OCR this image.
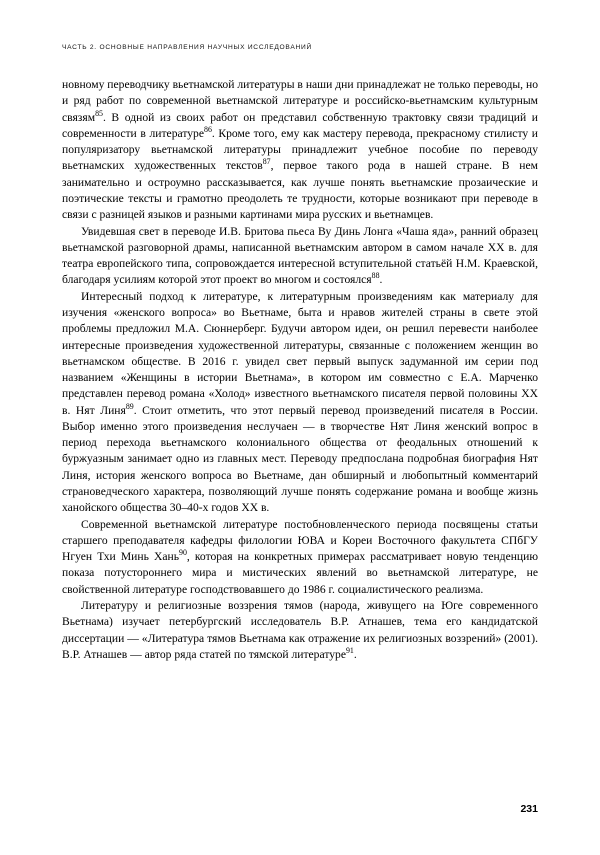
ЧАСТЬ 2. ОСНОВНЫЕ НАПРАВЛЕНИЯ НАУЧНЫХ ИССЛЕДОВАНИЙ

новному переводчику вьетнамской литературы в наши дни принадлежат не только переводы, но и ряд работ по современной вьетнамской литературе и российско-вьетнамским культурным связям$^{85}$. В одной из своих работ он представил собственную трактовку связи традиций и современности в литературе$^{86}$. Кроме того, ему как мастеру перевода, прекрасному стилисту и популяризатору вьетнамской литературы принадлежит учебное пособие по переводу вьетнамских художественных текстов$^{87}$, первое такого рода в нашей стране. В нем занимательно и остроумно рассказывается, как лучше понять вьетнамские прозаические и поэтические тексты и грамотно преодолеть те трудности, которые возникают при переводе в связи с разницей языков и разными картинами мира русских и вьетнамцев.

Увидевшая свет в переводе И.В. Бритова пьеса Ву Динь Лонга «Чаша яда», ранний образец вьетнамской разговорной драмы, написанной вьетнамским автором в самом начале XX в. для театра европейского типа, сопровождается интересной вступительной статьёй Н.М. Краевской, благодаря усилиям которой этот проект во многом и состоялся$^{88}$.

Интересный подход к литературе, к литературным произведениям как материалу для изучения «женского вопроса» во Вьетнаме, быта и нравов жителей страны в свете этой проблемы предложил М.А. Сюннерберг. Будучи автором идеи, он решил перевести наиболее интересные произведения художественной литературы, связанные с положением женщин во вьетнамском обществе. В 2016 г. увидел свет первый выпуск задуманной им серии под названием «Женщины в истории Вьетнама», в котором им совместно с Е.А. Марченко представлен перевод романа «Холод» известного вьетнамского писателя первой половины XX в. Нят Линя$^{89}$. Стоит отметить, что этот первый перевод произведений писателя в России. Выбор именно этого произведения неслучаен — в творчестве Нят Линя женский вопрос в период перехода вьетнамского колониального общества от феодальных отношений к буржуазным занимает одно из главных мест. Переводу предпослана подробная биография Нят Линя, история женского вопроса во Вьетнаме, дан обширный и любопытный комментарий страноведческого характера, позволяющий лучше понять содержание романа и вообще жизнь ханойского общества 30–40-х годов XX в.

Современной вьетнамской литературе постобновленческого периода посвящены статьи старшего преподавателя кафедры филологии ЮВА и Кореи Восточного факультета СПбГУ Нгуен Тхи Минь Хань$^{90}$, которая на конкретных примерах рассматривает новую тенденцию показа потустороннего мира и мистических явлений во вьетнамской литературе, не свойственной литературе господствовавшего до 1986 г. социалистического реализма.

Литературу и религиозные воззрения тямов (народа, живущего на Юге современного Вьетнама) изучает петербургский исследователь В.Р. Атнашев, тема его кандидатской диссертации — «Литература тямов Вьетнама как отражение их религиозных воззрений» (2001). В.Р. Атнашев — автор ряда статей по тямской литературе$^{91}$.

231
